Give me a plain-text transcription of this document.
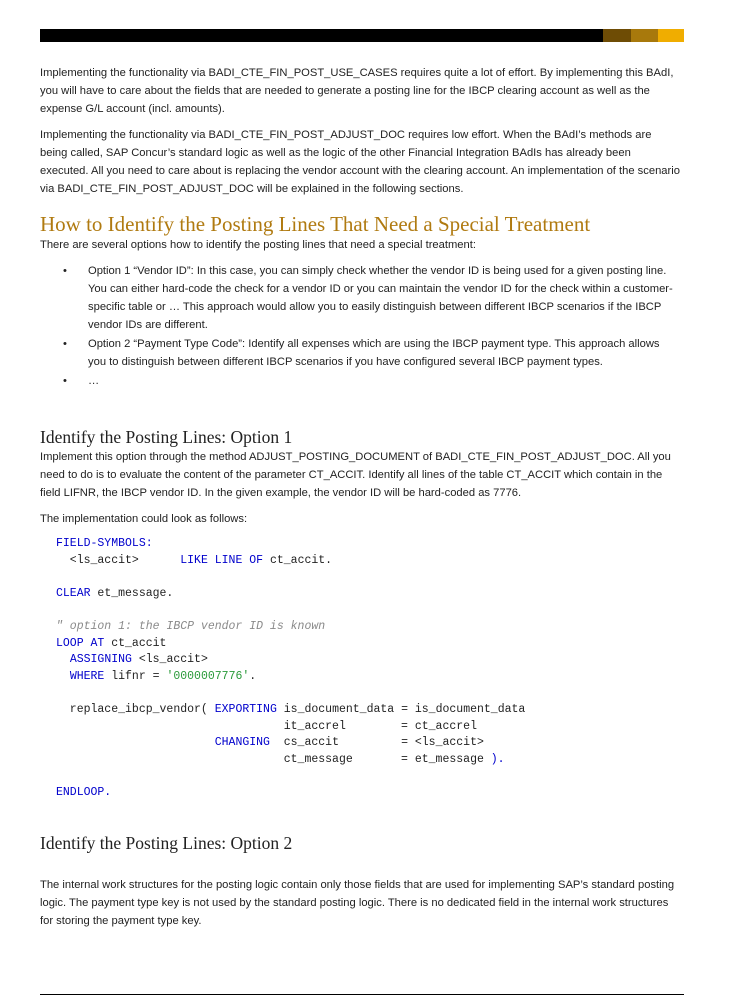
Implementing the functionality via BADI_CTE_FIN_POST_USE_CASES requires quite a lot of effort. By implementing this BAdI, you will have to care about the fields that are needed to generate a posting line for the IBCP clearing account as well as the expense G/L account (incl. amounts).

Implementing the functionality via BADI_CTE_FIN_POST_ADJUST_DOC requires low effort. When the BAdI’s methods are being called, SAP Concur’s standard logic as well as the logic of the other Financial Integration BAdIs has already been executed. All you need to care about is replacing the vendor account with the clearing account. An implementation of the scenario via BADI_CTE_FIN_POST_ADJUST_DOC will be explained in the following sections.

How to Identify the Posting Lines That Need a Special Treatment

There are several options how to identify the posting lines that need a special treatment:

• Option 1 “Vendor ID”: In this case, you can simply check whether the vendor ID is being used for a given posting line. You can either hard-code the check for a vendor ID or you can maintain the vendor ID for the check within a customer-specific table or … This approach would allow you to easily distinguish between different IBCP scenarios if the IBCP vendor IDs are different.
• Option 2 “Payment Type Code”: Identify all expenses which are using the IBCP payment type. This approach allows you to distinguish between different IBCP scenarios if you have configured several IBCP payment types.
• …
Identify the Posting Lines: Option 1

Implement this option through the method ADJUST_POSTING_DOCUMENT of BADI_CTE_FIN_POST_ADJUST_DOC. All you need to do is to evaluate the content of the parameter CT_ACCIT. Identify all lines of the table CT_ACCIT which contain in the field LIFNR, the IBCP vendor ID. In the given example, the vendor ID will be hard-coded as 7776.

The implementation could look as follows:

FIELD-SYMBOLS:
<ls_accit>      LIKE LINE OF ct_accit.
CLEAR et_message.
" option 1: the IBCP vendor ID is known
LOOP AT ct_accit
ASSIGNING <ls_accit>
WHERE lifnr = '0000007776'.
replace_ibcp_vendor( EXPORTING is_document_data = is_document_data
it_accrel        = ct_accrel
CHANGING  cs_accit         = <ls_accit>
ct_message       = et_message ).
ENDLOOP.
Identify the Posting Lines: Option 2

The internal work structures for the posting logic contain only those fields that are used for implementing SAP’s standard posting logic. The payment type key is not used by the standard posting logic. There is no dedicated field in the internal work structures for storing the payment type key.
